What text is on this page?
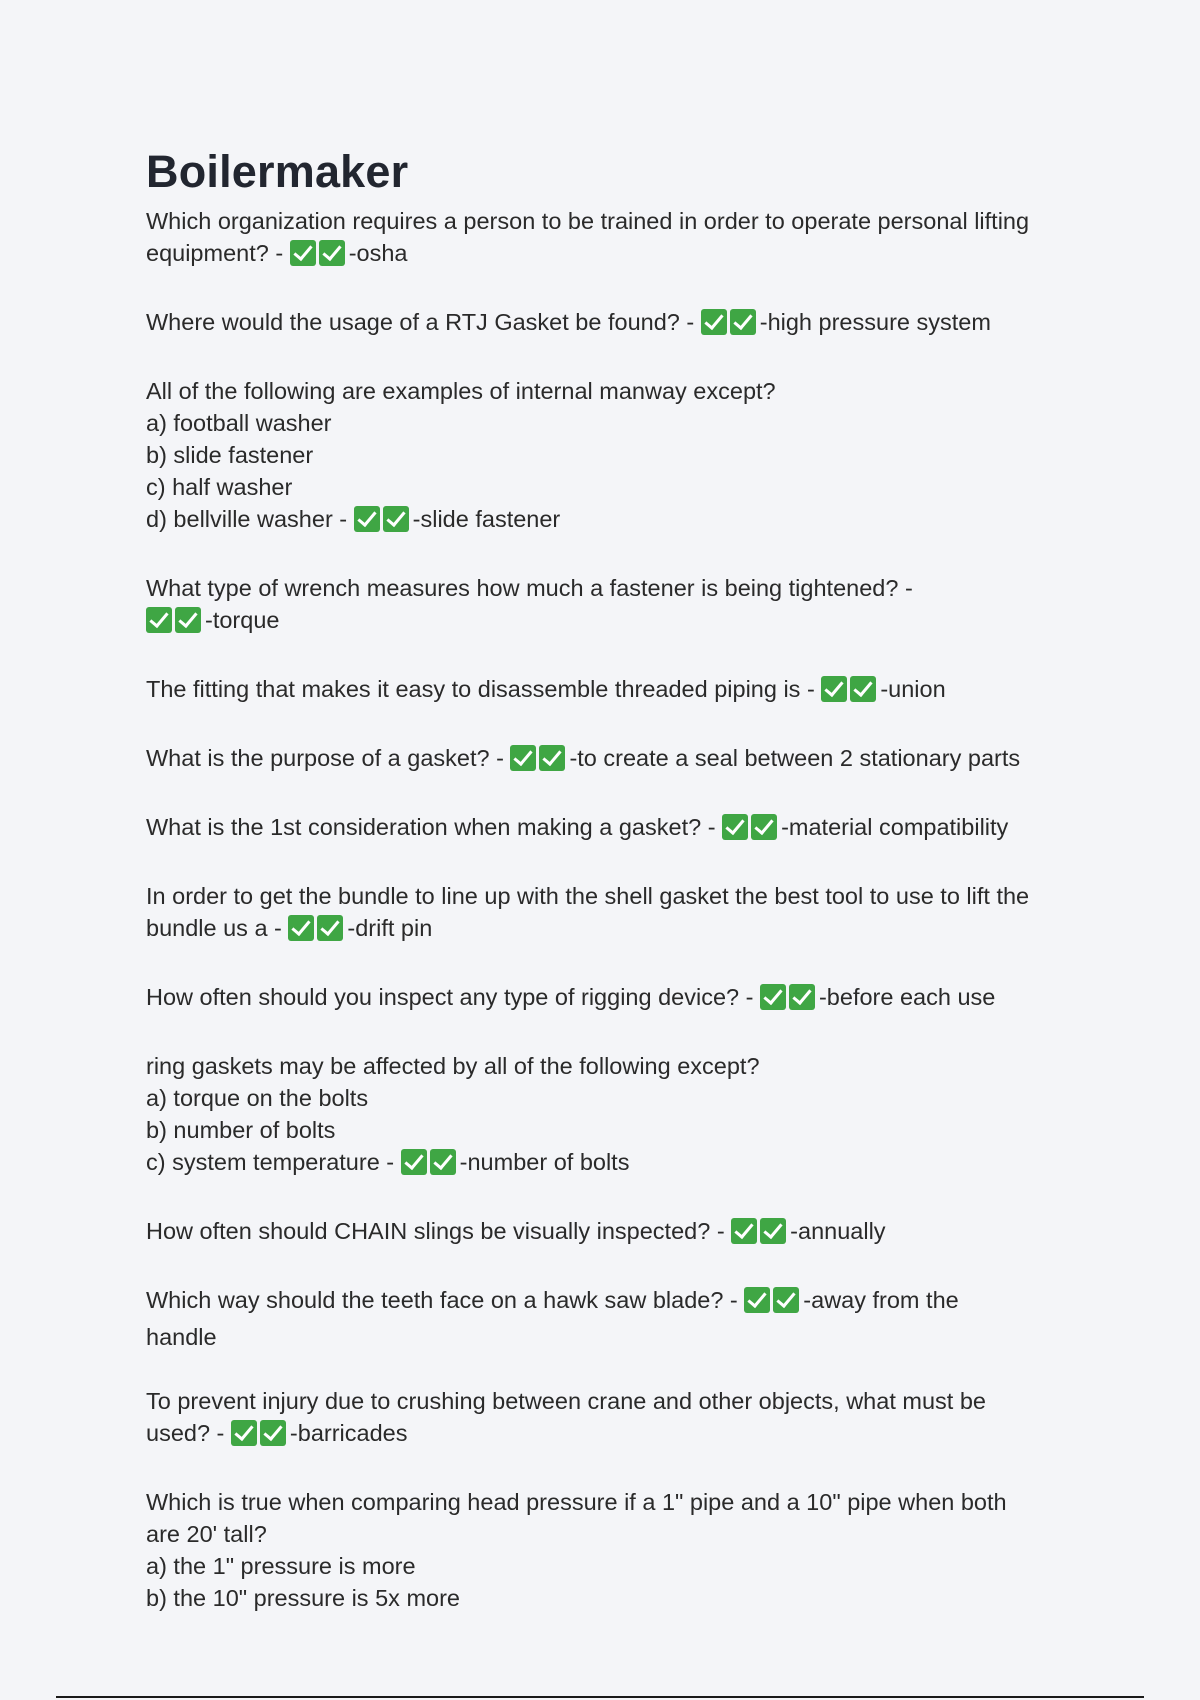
Boilermaker
Which organization requires a person to be trained in order to operate personal lifting
equipment? -	-osha
Where would the usage of a RTJ Gasket be found? -	-high pressure system
All of the following are examples of internal manway except?
a) football washer
b) slide fastener
c) half washer
d) bellville washer -	-slide fastener
What type of wrench measures how much a fastener is being tightened? -
-torque
The fitting that makes it easy to disassemble threaded piping is -	-union
What is the purpose of a gasket? -	-to create a seal between 2 stationary parts
What is the 1st consideration when making a gasket? -	-material compatibility
In order to get the bundle to line up with the shell gasket the best tool to use to lift the
bundle us a -	-drift pin
How often should you inspect any type of rigging device? -	-before each use
ring gaskets may be affected by all of the following except?
a) torque on the bolts
b) number of bolts
c) system temperature -	-number of bolts
How often should CHAIN slings be visually inspected? -	-annually
Which way should the teeth face on a hawk saw blade? -	-away from the
handle
To prevent injury due to crushing between crane and other objects, what must be
used? -	-barricades
Which is true when comparing head pressure if a 1" pipe and a 10" pipe when both
are 20' tall?
a) the 1" pressure is more
b) the 10" pressure is 5x more
